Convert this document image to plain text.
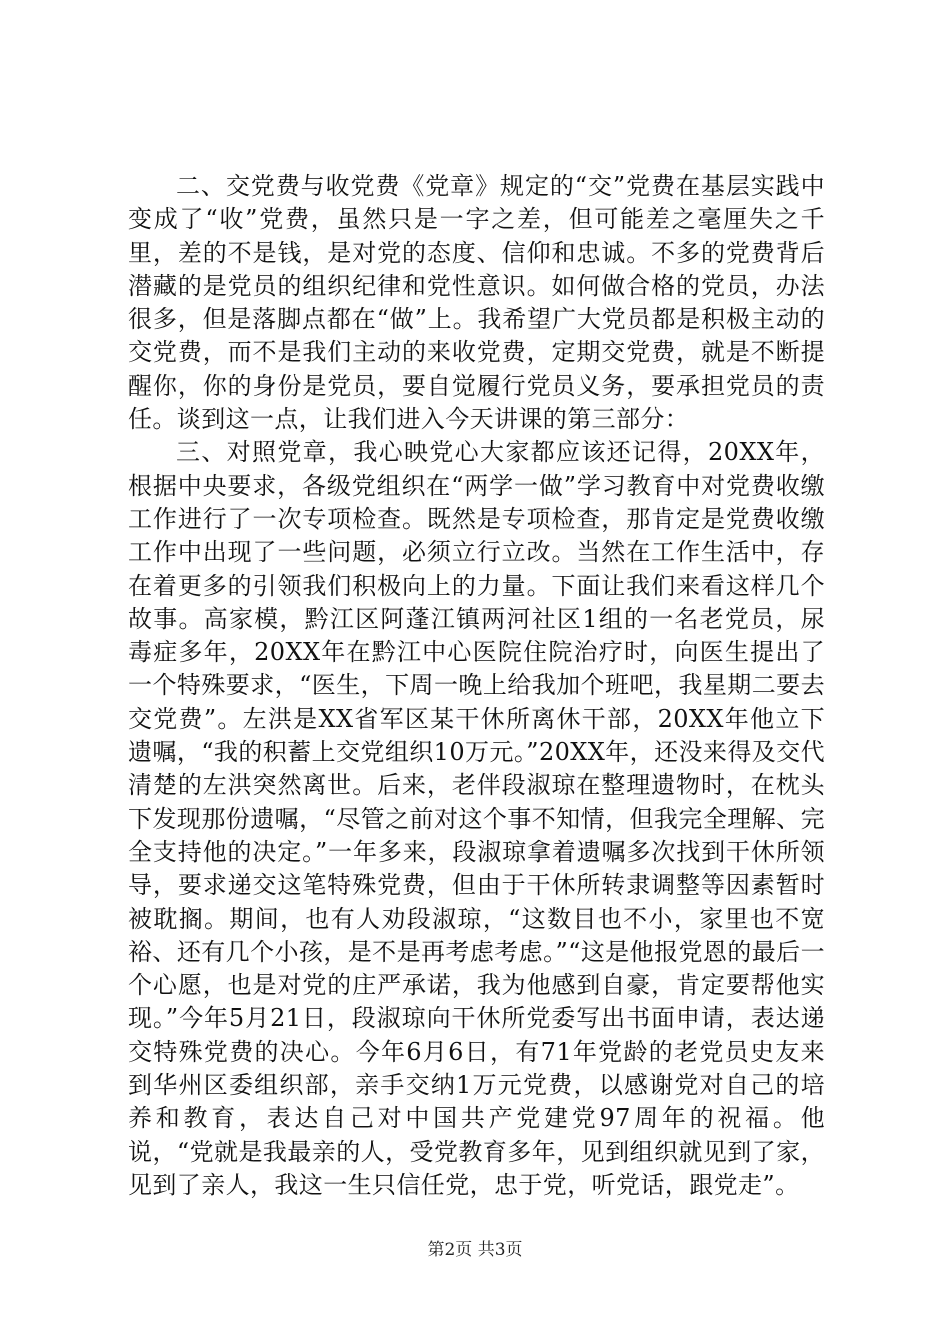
二、交党费与收党费《党章》规定的“交”党费在基层实践中变成了“收”党费，虽然只是一字之差，但可能差之毫厘失之千里，差的不是钱，是对党的态度、信仰和忠诚。不多的党费背后潜藏的是党员的组织纪律和党性意识。如何做合格的党员，办法很多，但是落脚点都在“做”上。我希望广大党员都是积极主动的交党费，而不是我们主动的来收党费，定期交党费，就是不断提醒你，你的身份是党员，要自觉履行党员义务，要承担党员的责任。谈到这一点，让我们进入今天讲课的第三部分：

三、对照党章，我心映党心大家都应该还记得，20XX年，根据中央要求，各级党组织在“两学一做”学习教育中对党费收缴工作进行了一次专项检查。既然是专项检查，那肯定是党费收缴工作中出现了一些问题，必须立行立改。当然在工作生活中，存在着更多的引领我们积极向上的力量。下面让我们来看这样几个故事。高家模，黔江区阿蓬江镇两河社区1组的一名老党员，尿毒症多年，20XX年在黔江中心医院住院治疗时，向医生提出了一个特殊要求，“医生，下周一晚上给我加个班吧，我星期二要去交党费”。左洪是XX省军区某干休所离休干部，20XX年他立下遗嘱，“我的积蓄上交党组织10万元。”20XX年，还没来得及交代清楚的左洪突然离世。后来，老伴段淑琼在整理遗物时，在枕头下发现那份遗嘱，“尽管之前对这个事不知情，但我完全理解、完全支持他的决定。”一年多来，段淑琼拿着遗嘱多次找到干休所领导，要求递交这笔特殊党费，但由于干休所转隶调整等因素暂时被耽搁。期间，也有人劝段淑琼，“这数目也不小，家里也不宽裕、还有几个小孩，是不是再考虑考虑。”“这是他报党恩的最后一个心愿，也是对党的庄严承诺，我为他感到自豪，肯定要帮他实现。”今年5月21日，段淑琼向干休所党委写出书面申请，表达递交特殊党费的决心。今年6月6日，有71年党龄的老党员史友来到华州区委组织部，亲手交纳1万元党费，以感谢党对自己的培养和教育，表达自己对中国共产党建党97周年的祝福。他说，“党就是我最亲的人，受党教育多年，见到组织就见到了家，见到了亲人，我这一生只信任党，忠于党，听党话，跟党走”。

第2页 共3页
